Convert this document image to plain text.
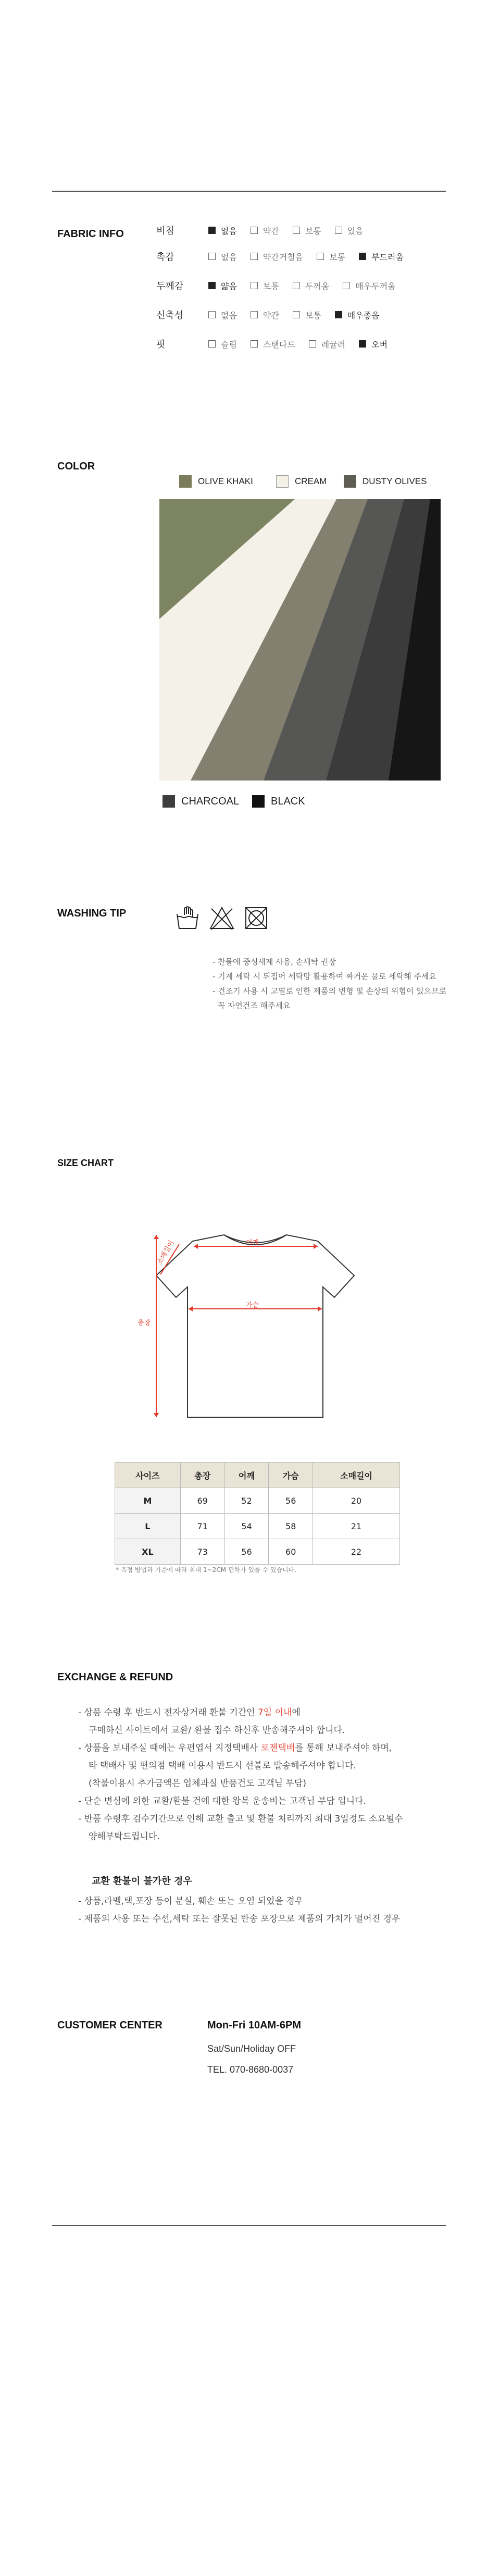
FABRIC INFO	비침	없음	약간	보통	있음
촉감	없음	약간거칠음	보통	부드러움
두께감	얇음	보통	두꺼움	매우두꺼움
신축성	없음	약간	보통	매우좋음
핏	슬림	스탠다드	레귤러	오버
COLOR
OLIVE KHAKI	CREAM	DUSTY OLIVES
CHARCOAL	BLACK
WASHING TIP
- 찬물에 중성세제 사용, 손세탁 권장
- 기계 세탁 시 뒤집어 세탁망 활용하여 짜거운 물로 세탁해 주세요
- 건조기 사용 시 고열로 인한 제품의 변형 및 손상의 위험이 있으므로
꼭 자연건조 해주세요
SIZE CHART
어깨
가슴
소매길이
총장
사이즈	총장	어깨	가슴	소매길이
M	69	52	56	20
L	71	54	58	21
XL	73	56	60	22
* 측정 방법과 기준에 따라 최대 1~2CM 편차가 있을 수 있습니다.
EXCHANGE & REFUND
- 상품 수령 후 반드시 전자상거래 환불 기간인 7일 이내에
구매하신 사이트에서 교환/ 환불 접수 하신후 반송해주셔야 합니다.
- 상품을 보내주실 때에는 우편엽서 지정택배사 로젠택배를 통해 보내주셔야 하며,
타 택배사 및 편의점 택배 이용시 반드시 선불로 발송해주셔야 합니다.
(착불이용시 추가금액은 업체과실 반품건도 고객님 부담)
- 단순 변심에 의한 교환/환불 건에 대한 왕복 운송비는 고객님 부담 입니다.
- 반품 수령후 검수기간으로 인해 교환 출고 및 환불 처리까지 최대 3일정도 소요될수
양해부탁드립니다.
교환 환불이 불가한 경우
- 상품,라벨,택,포장 등이 분실, 훼손 또는 오염 되었을 경우
- 제품의 사용 또는 수선,세탁 또는 잘못된 반송 포장으로 제품의 가치가 떨어진 경우
CUSTOMER CENTER	Mon-Fri 10AM-6PM
Sat/Sun/Holiday OFF
TEL. 070-8680-0037
